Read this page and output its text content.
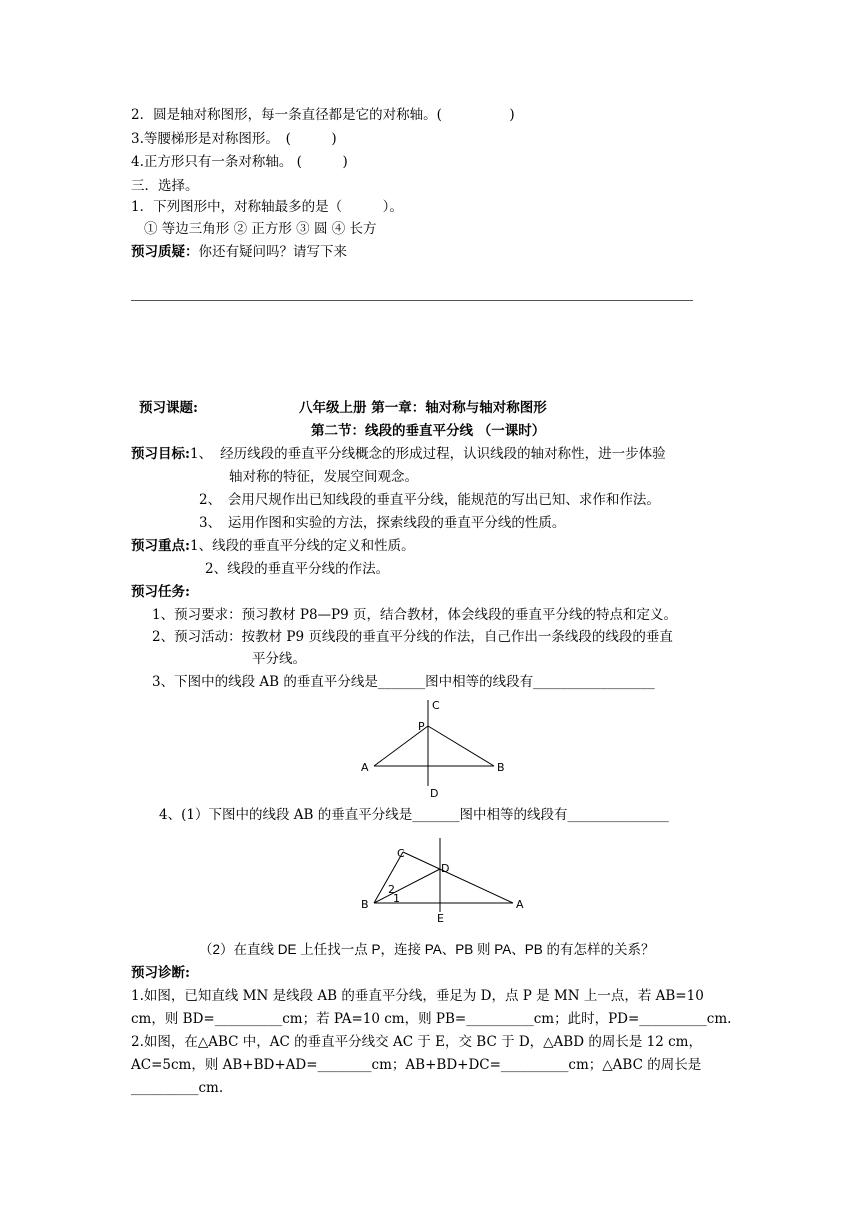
2．圆是轴对称图形，每一条直径都是它的对称轴。(　　　　　)
3.等腰梯形是对称图形。　(　　　)
4.正方形只有一条对称轴。 (　　　)
三．选择。
1．下列图形中，对称轴最多的是（　　　）。
① 等边三角形 ② 正方形 ③ 圆 ④ 长方
预习质疑：你还有疑问吗？请写下来
预习课题:	八年级上册 第一章：轴对称与轴对称图形
第二节：线段的垂直平分线 （一课时）
预习目标:1、 经历线段的垂直平分线概念的形成过程，认识线段的轴对称性，进一步体验
轴对称的特征，发展空间观念。
2、　会用尺规作出已知线段的垂直平分线，能规范的写出已知、求作和作法。
3、　运用作图和实验的方法，探索线段的垂直平分线的性质。
预习重点:1、线段的垂直平分线的定义和性质。
2、线段的垂直平分线的作法。
预习任务:
1、预习要求：预习教材 P8—P9 页，结合教材，体会线段的垂直平分线的特点和定义。
2、预习活动：按教材 P9 页线段的垂直平分线的作法，自己作出一条线段的线段的垂直
平分线。
3、下图中的线段 AB 的垂直平分线是_______图中相等的线段有__________________
C
P
A	B
D
4、(1）下图中的线段 AB 的垂直平分线是_______图中相等的线段有_______________
C
D
2
1
B
E
A
（2）在直线 DE 上任找一点 P，连接 PA、PB 则 PA、PB 的有怎样的关系？
预习诊断:
1.如图，已知直线 MN 是线段 AB 的垂直平分线，垂足为 D，点 P 是 MN 上一点，若 AB=10
cm，则 BD=__________cm；若 PA=10 cm，则 PB=__________cm；此时，PD=__________cm.
2.如图，在△ABC 中，AC 的垂直平分线交 AC 于 E，交 BC 于 D，△ABD 的周长是 12 cm，
AC=5cm，则 AB+BD+AD=________cm；AB+BD+DC=__________cm；△ABC 的周长是
__________cm.
